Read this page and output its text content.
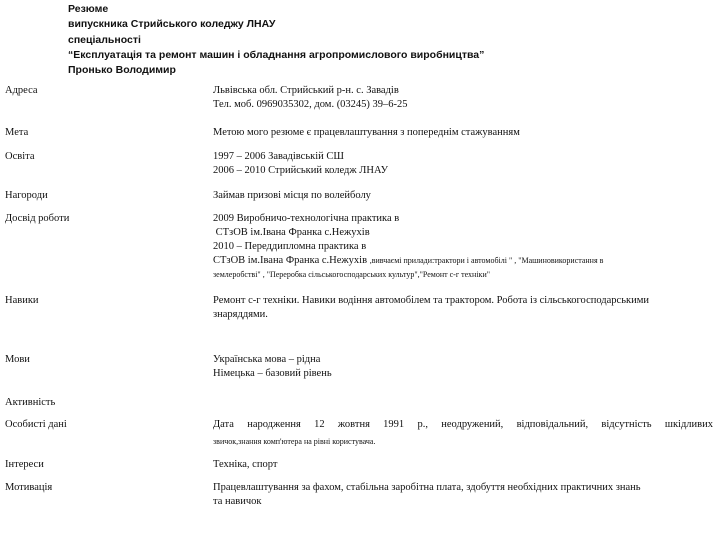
Резюме
випускника Стрийського коледжу ЛНАУ
спеціальності
“Експлуатація та ремонт машин і обладнання агропромислового виробництва”
Пронько Володимир
Адреса	Львівська обл. Стрийський р-н. с. Завадів
Тел. моб. 0969035302, дом. (03245) 39–6-25
Мета	Метою мого резюме є працевлаштування з попереднім стажуванням
Освіта	1997 – 2006 Завадівській СШ
2006 – 2010 Стрийський коледж ЛНАУ
Нагороди	Займав призові місця по волейболу
Досвід роботи	2009 Виробничо-технологічна практика в
СТзОВ ім.Івана Франка с.Нежухів
2010 – Переддипломна практика в
СТзОВ ім.Івана Франка с.Нежухів ,вивчаємі прилади:трактори і автомобілі " , "Машиновикористання в
землеробстві" , "Переробка сільськогосподарських культур","Ремонт с-г техніки"
Навики	Ремонт с-г техніки. Навики водіння автомобілем та трактором. Робота із сільськогосподарськими
знаряддями.
Мови	Українська мова – рідна
Німецька – базовий рівень
Активність
Особисті дані	Дата народження 12 жовтня 1991 р., неодружений, відповідальний, відсутність шкідливих
звичок,знання комп'ютера на рівні користувача.
Інтереси	Техніка, спорт
Мотивація	Працевлаштування за фахом, стабільна заробітна плата, здобуття необхідних практичних знань
та навичок
